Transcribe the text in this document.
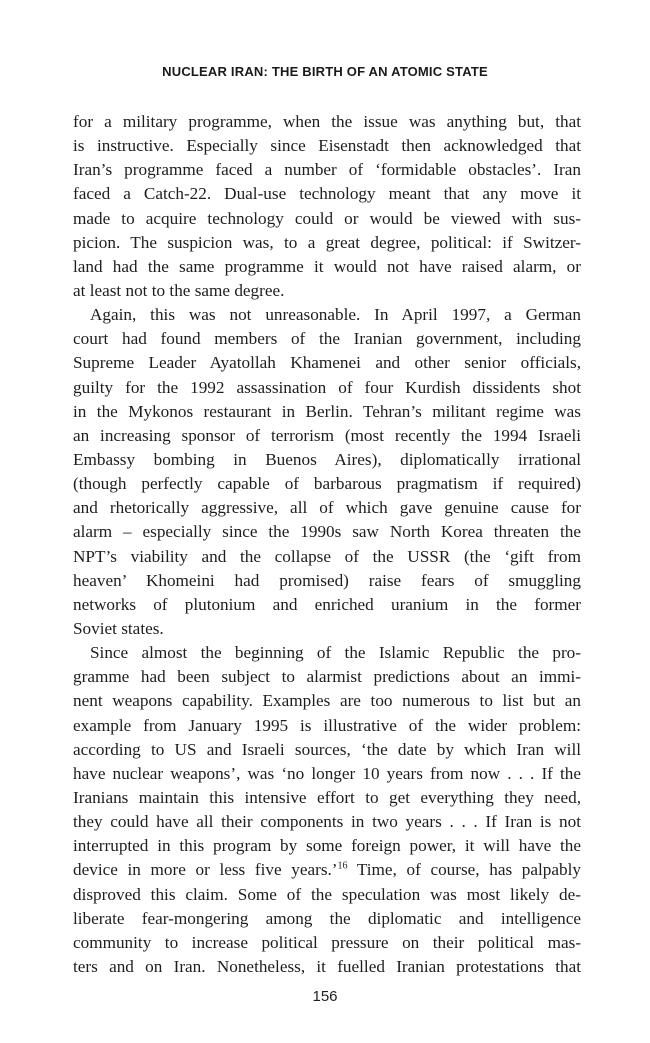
NUCLEAR IRAN: THE BIRTH OF AN ATOMIC STATE
for a military programme, when the issue was anything but, that
is instructive. Especially since Eisenstadt then acknowledged that
Iran’s programme faced a number of ‘formidable obstacles’. Iran
faced a Catch-22. Dual-use technology meant that any move it
made to acquire technology could or would be viewed with sus-
picion. The suspicion was, to a great degree, political: if Switzer-
land had the same programme it would not have raised alarm, or
at least not to the same degree.
Again, this was not unreasonable. In April 1997, a German
court had found members of the Iranian government, including
Supreme Leader Ayatollah Khamenei and other senior officials,
guilty for the 1992 assassination of four Kurdish dissidents shot
in the Mykonos restaurant in Berlin. Tehran’s militant regime was
an increasing sponsor of terrorism (most recently the 1994 Israeli
Embassy bombing in Buenos Aires), diplomatically irrational
(though perfectly capable of barbarous pragmatism if required)
and rhetorically aggressive, all of which gave genuine cause for
alarm – especially since the 1990s saw North Korea threaten the
NPT’s viability and the collapse of the USSR (the ‘gift from
heaven’ Khomeini had promised) raise fears of smuggling
networks of plutonium and enriched uranium in the former
Soviet states.
Since almost the beginning of the Islamic Republic the pro-
gramme had been subject to alarmist predictions about an immi-
nent weapons capability. Examples are too numerous to list but an
example from January 1995 is illustrative of the wider problem:
according to US and Israeli sources, ‘the date by which Iran will
have nuclear weapons’, was ‘no longer 10 years from now . . . If the
Iranians maintain this intensive effort to get everything they need,
they could have all their components in two years . . . If Iran is not
interrupted in this program by some foreign power, it will have the
device in more or less five years.’$^{16}$ Time, of course, has palpably
disproved this claim. Some of the speculation was most likely de-
liberate fear-mongering among the diplomatic and intelligence
community to increase political pressure on their political mas-
ters and on Iran. Nonetheless, it fuelled Iranian protestations that
156
